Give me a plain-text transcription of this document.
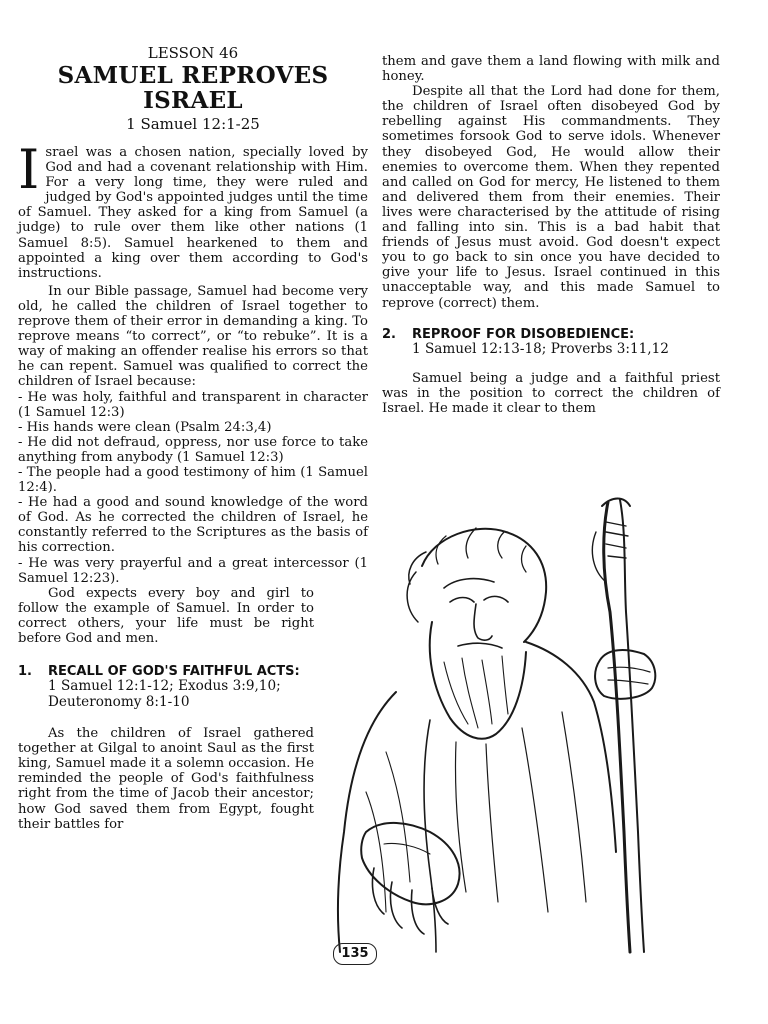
LESSON 46

SAMUEL REPROVES ISRAEL

1 Samuel 12:1-25

Israel was a chosen nation, specially loved by God and had a covenant relationship with Him. For a very long time, they were ruled and judged by God's appointed judges until the time of Samuel. They asked for a king from Samuel (a judge) to rule over them like other nations (1 Samuel 8:5). Samuel hearkened to them and appointed a king over them according to God's instructions.

In our Bible passage, Samuel had become very old, he called the children of Israel together to reprove them of their error in demanding a king. To reprove means “to correct”, or “to rebuke”. It is a way of making an offender realise his errors so that he can repent. Samuel was qualified to correct the children of Israel because:

- He was holy, faithful and transparent in character (1 Samuel 12:3)
- His hands were clean (Psalm 24:3,4)
- He did not defraud, oppress, nor use force to take anything from anybody (1 Samuel 12:3)
- The people had a good testimony of him (1 Samuel 12:4).
- He had a good and sound knowledge of the word of God. As he corrected the children of Israel, he constantly referred to the Scriptures as the basis of his correction.
- He was very prayerful and a great intercessor (1 Samuel 12:23).

God expects every boy and girl to follow the example of Samuel. In order to correct others, your life must be right before God and men.

1.	RECALL OF GOD'S FAITHFUL ACTS:

1 Samuel 12:1-12; Exodus 3:9,10; Deuteronomy 8:1-10

As the children of Israel gathered together at Gilgal to anoint Saul as the first king, Samuel made it a solemn occasion. He reminded the people of God's faithfulness right from the time of Jacob their ancestor; how God saved them from Egypt, fought their battles for

them and gave them a land flowing with milk and honey.

Despite all that the Lord had done for them, the children of Israel often disobeyed God by rebelling against His commandments. They sometimes forsook God to serve idols. Whenever they disobeyed God, He would allow their enemies to overcome them. When they repented and called on God for mercy, He listened to them and delivered them from their enemies. Their lives were characterised by the attitude of rising and falling into sin. This is a bad habit that friends of Jesus must avoid. God doesn't expect you to go back to sin once you have decided to give your life to Jesus. Israel continued in this unacceptable way, and this made Samuel to reprove (correct) them.

2.	REPROOF FOR DISOBEDIENCE:

1 Samuel 12:13-18; Proverbs 3:11,12

Samuel being a judge and a faithful priest was in the position to correct the children of Israel. He made it clear to them

135
